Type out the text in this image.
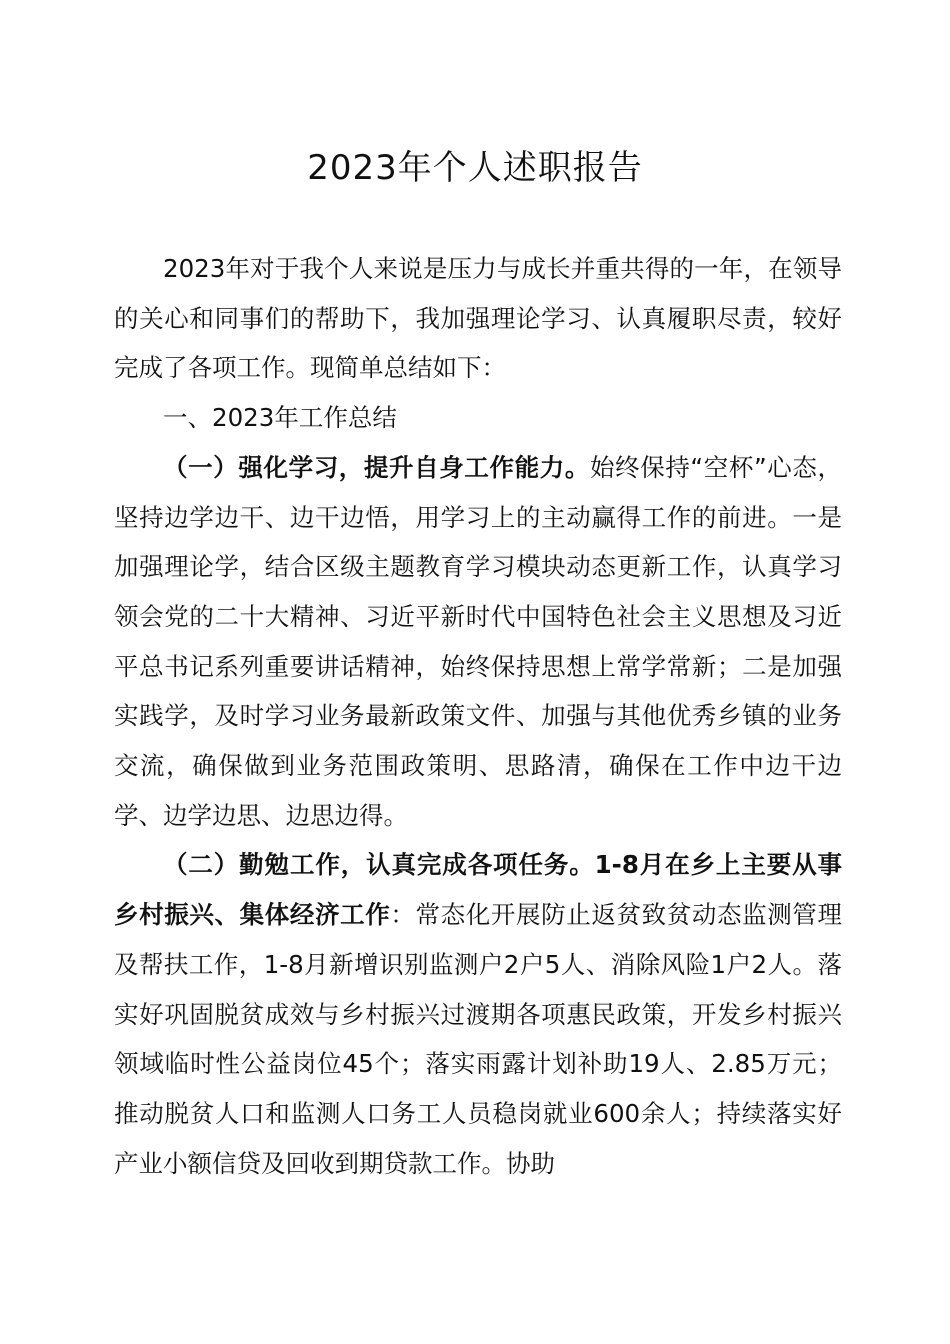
2023年个人述职报告

2023年对于我个人来说是压力与成长并重共得的一年，在领导的关心和同事们的帮助下，我加强理论学习、认真履职尽责，较好完成了各项工作。现简单总结如下：

一、2023年工作总结

（一）强化学习，提升自身工作能力。始终保持“空杯”心态，坚持边学边干、边干边悟，用学习上的主动赢得工作的前进。一是加强理论学，结合区级主题教育学习模块动态更新工作，认真学习领会党的二十大精神、习近平新时代中国特色社会主义思想及习近平总书记系列重要讲话精神，始终保持思想上常学常新；二是加强实践学，及时学习业务最新政策文件、加强与其他优秀乡镇的业务交流，确保做到业务范围政策明、思路清，确保在工作中边干边学、边学边思、边思边得。

（二）勤勉工作，认真完成各项任务。1-8月在乡上主要从事乡村振兴、集体经济工作：常态化开展防止返贫致贫动态监测管理及帮扶工作，1-8月新增识别监测户2户5人、消除风险1户2人。落实好巩固脱贫成效与乡村振兴过渡期各项惠民政策，开发乡村振兴领域临时性公益岗位45个；落实雨露计划补助19人、2.85万元；推动脱贫人口和监测人口务工人员稳岗就业600余人；持续落实好产业小额信贷及回收到期贷款工作。协助
